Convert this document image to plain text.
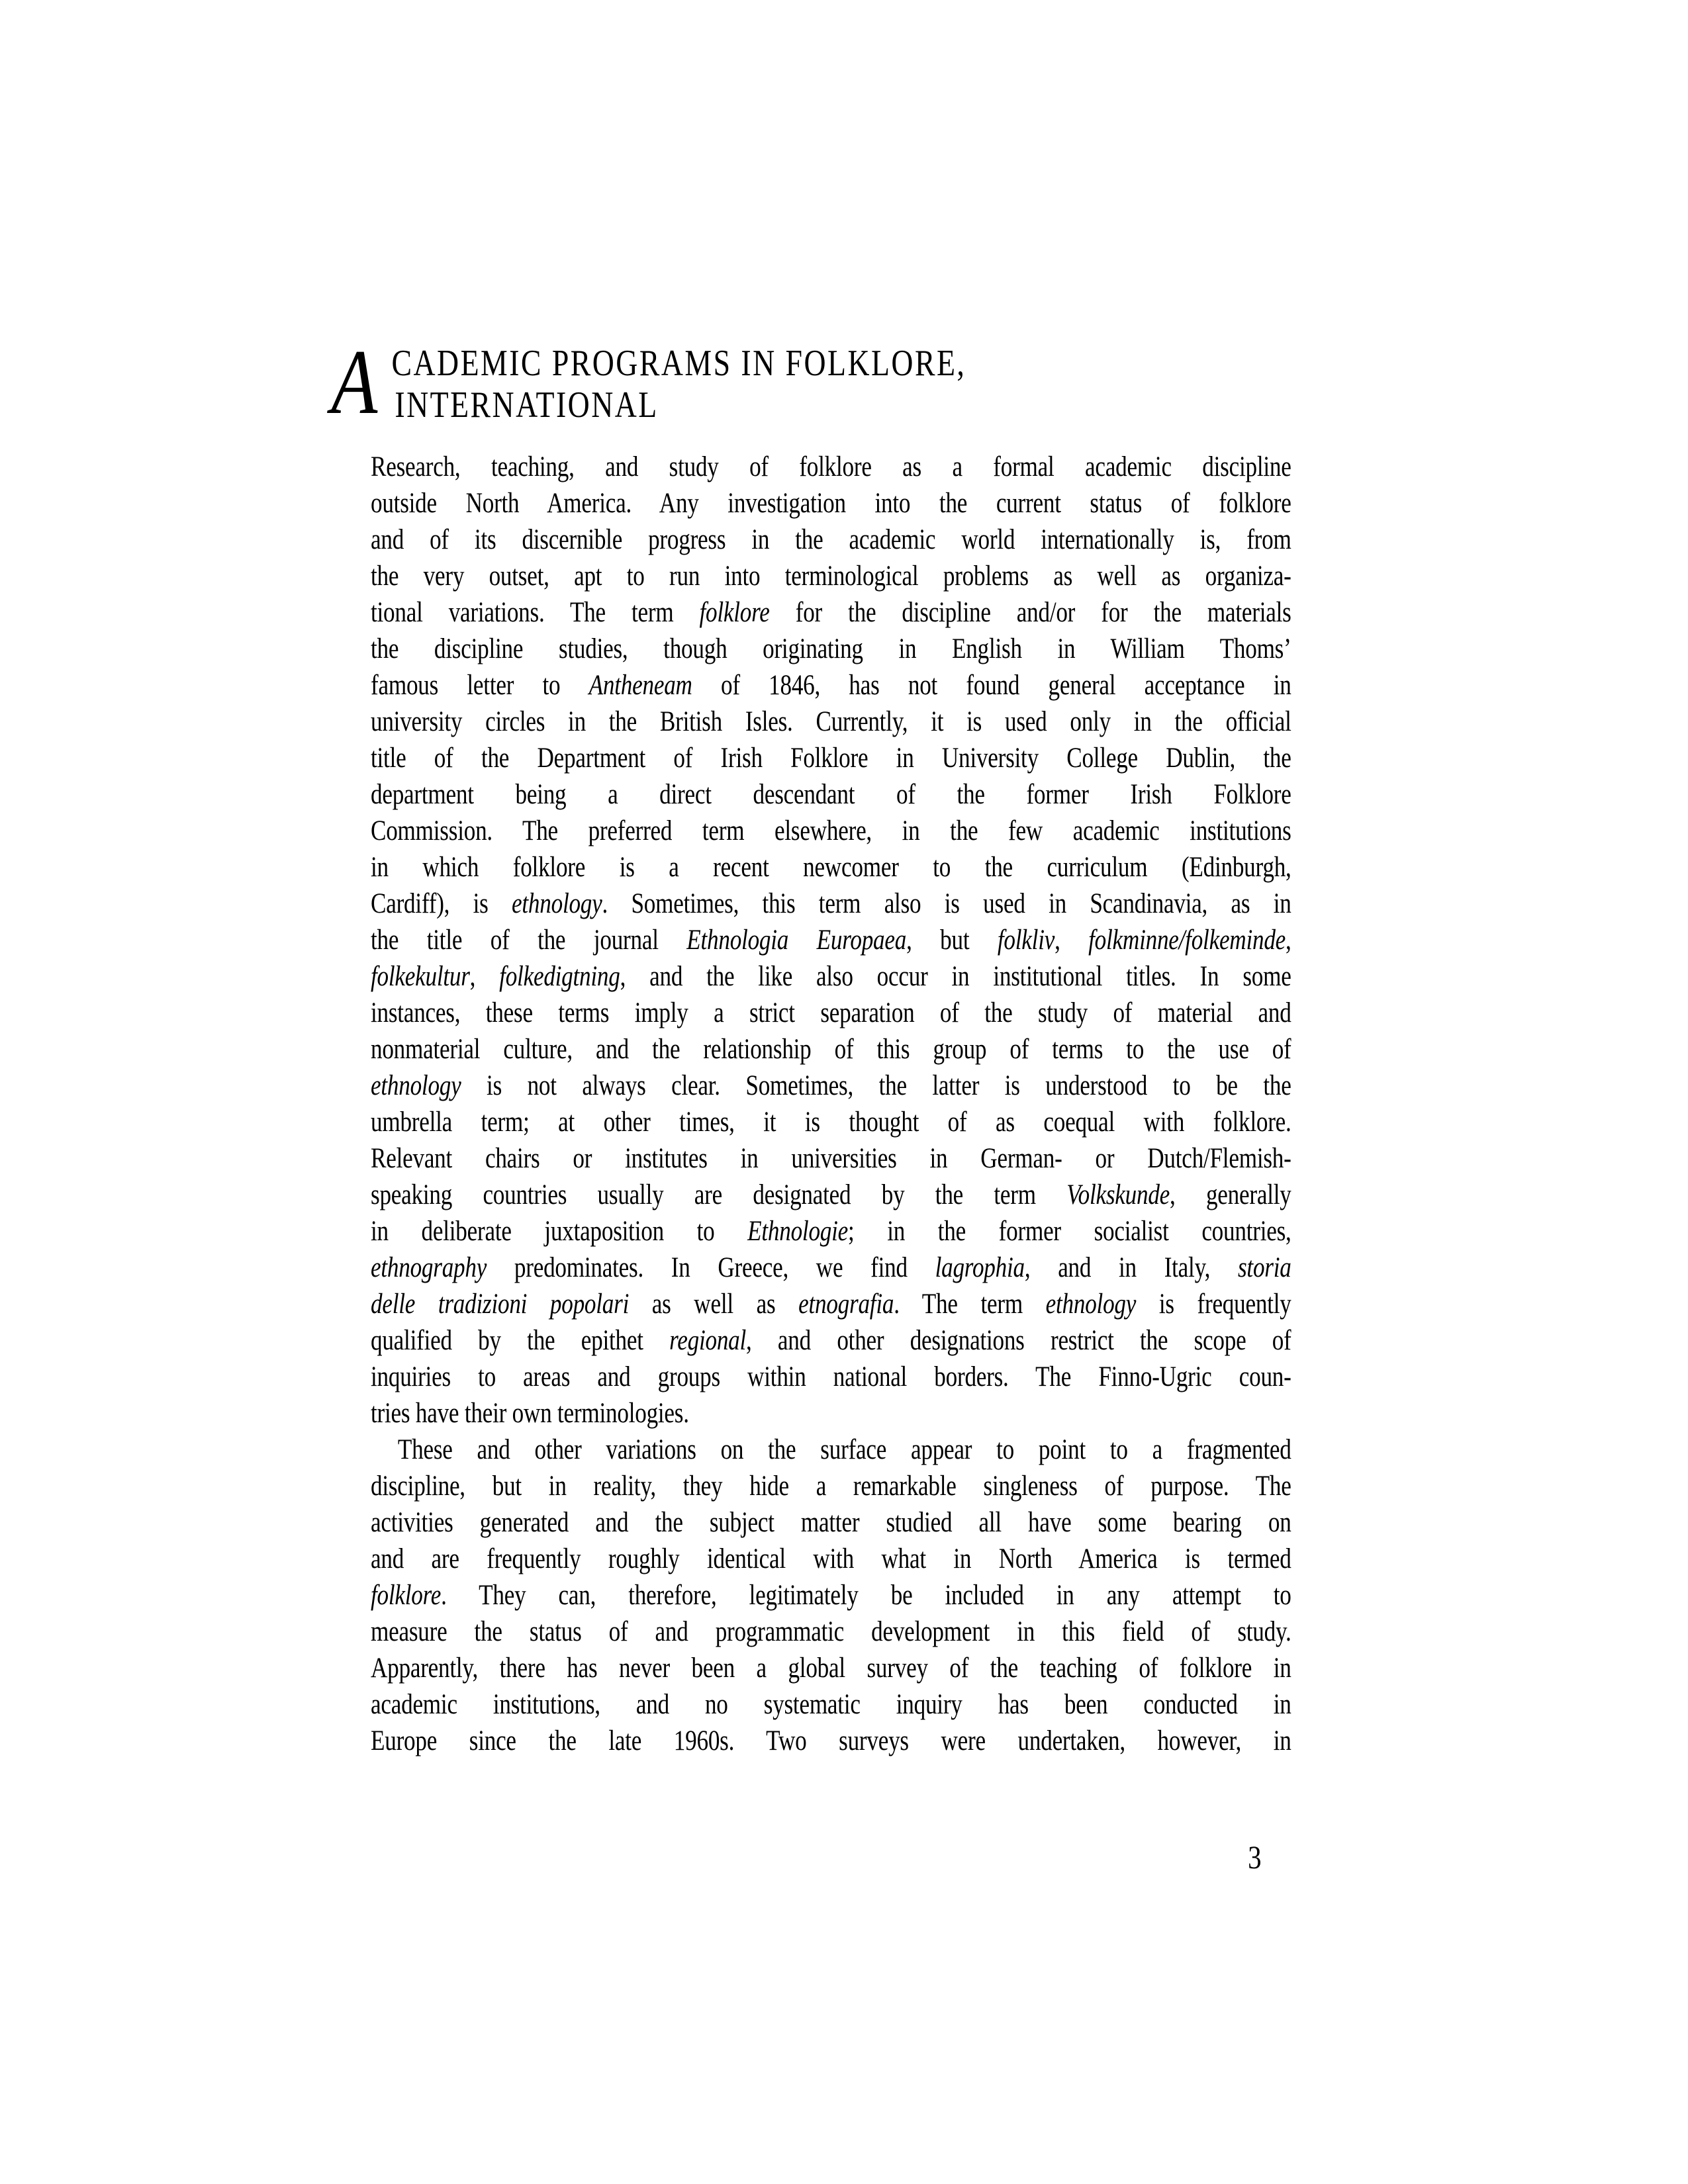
A CADEMIC PROGRAMS IN FOLKLORE,
INTERNATIONAL
Research, teaching, and study of folklore as a formal academic discipline
outside North America. Any investigation into the current status of folklore
and of its discernible progress in the academic world internationally is, from
the very outset, apt to run into terminological problems as well as organiza-
tional variations. The term folklore for the discipline and/or for the materials
the discipline studies, though originating in English in William Thoms’
famous letter to Antheneam of 1846, has not found general acceptance in
university circles in the British Isles. Currently, it is used only in the official
title of the Department of Irish Folklore in University College Dublin, the
department being a direct descendant of the former Irish Folklore
Commission. The preferred term elsewhere, in the few academic institutions
in which folklore is a recent newcomer to the curriculum (Edinburgh,
Cardiff), is ethnology. Sometimes, this term also is used in Scandinavia, as in
the title of the journal Ethnologia Europaea, but folkliv, folkminne/folkeminde,
folkekultur, folkedigtning, and the like also occur in institutional titles. In some
instances, these terms imply a strict separation of the study of material and
nonmaterial culture, and the relationship of this group of terms to the use of
ethnology is not always clear. Sometimes, the latter is understood to be the
umbrella term; at other times, it is thought of as coequal with folklore.
Relevant chairs or institutes in universities in German- or Dutch/Flemish-
speaking countries usually are designated by the term Volkskunde, generally
in deliberate juxtaposition to Ethnologie; in the former socialist countries,
ethnography predominates. In Greece, we find lagrophia, and in Italy, storia
delle tradizioni popolari as well as etnografia. The term ethnology is frequently
qualified by the epithet regional, and other designations restrict the scope of
inquiries to areas and groups within national borders. The Finno-Ugric coun-
tries have their own terminologies.
These and other variations on the surface appear to point to a fragmented
discipline, but in reality, they hide a remarkable singleness of purpose. The
activities generated and the subject matter studied all have some bearing on
and are frequently roughly identical with what in North America is termed
folklore. They can, therefore, legitimately be included in any attempt to
measure the status of and programmatic development in this field of study.
Apparently, there has never been a global survey of the teaching of folklore in
academic institutions, and no systematic inquiry has been conducted in
Europe since the late 1960s. Two surveys were undertaken, however, in
3
